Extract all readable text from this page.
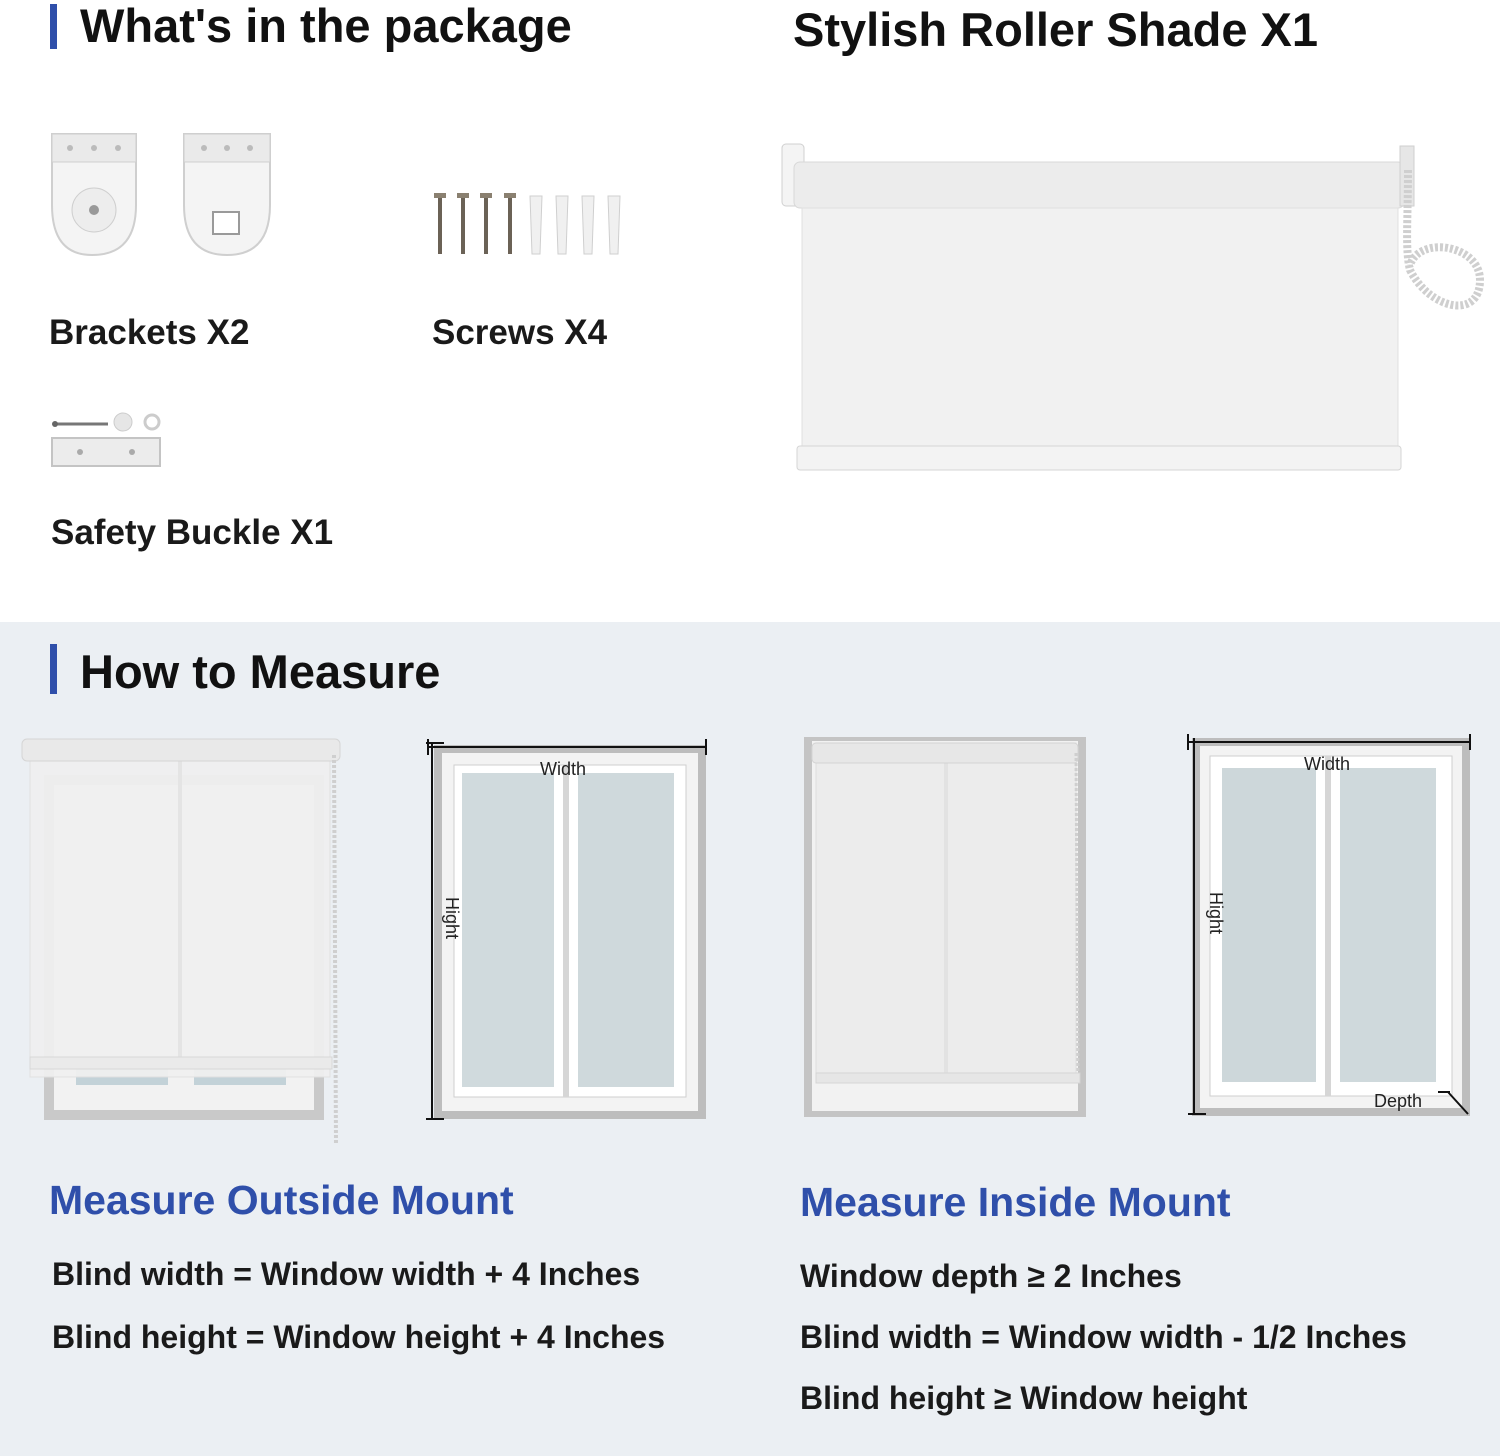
What's in the package	Stylish Roller Shade X1
Brackets X2	Screws X4
Safety Buckle X1
How to Measure
Width
Hight
Width
Hight
Depth
Measure Outside Mount
Blind width = Window width + 4 Inches
Blind height = Window height + 4 Inches
Measure Inside Mount
Window depth ≥ 2 Inches
Blind width = Window width - 1/2 Inches
Blind height ≥ Window height
